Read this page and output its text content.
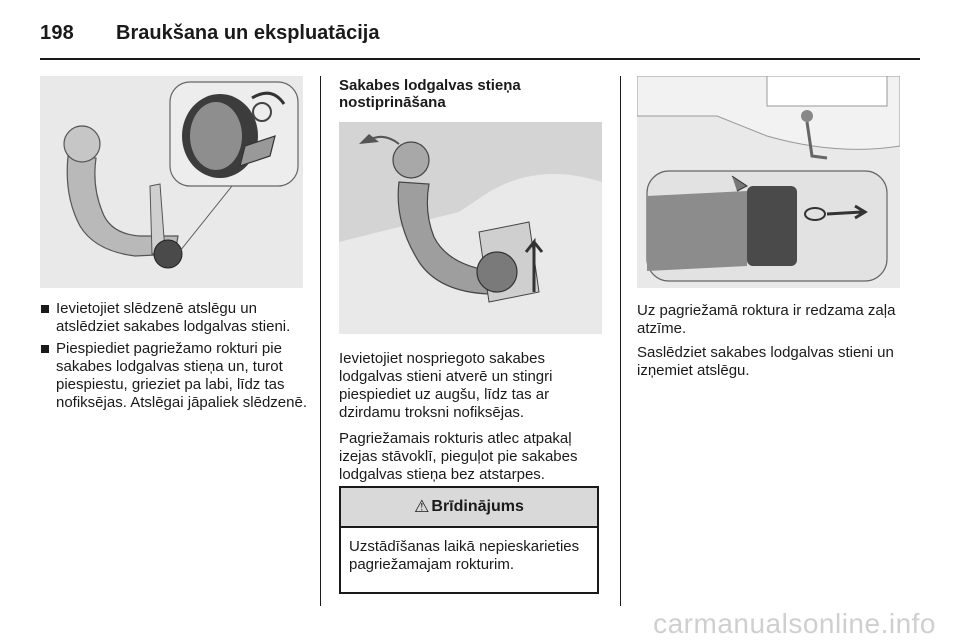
198 Braukšana un ekspluatācija
Ievietojiet slēdzenē atslēgu un atslēdziet sakabes lodgalvas stieni.
Piespiediet pagriežamo rokturi pie sakabes lodgalvas stieņa un, turot piespiestu, grieziet pa labi, līdz tas nofiksējas. Atslēgai jāpaliek slēdzenē.
Sakabes lodgalvas stieņa nostiprināšana

Ievietojiet nospriegoto sakabes lodgalvas stieni atverē un stingri piespiediet uz augšu, līdz tas ar dzirdamu troksni nofiksējas.

Pagriežamais rokturis atlec atpakaļ izejas stāvoklī, pieguļot pie sakabes lodgalvas stieņa bez atstarpes.

⚠ Brīdinājums
Uzstādīšanas laikā nepieskarieties pagriežamajam rokturim.

Uz pagriežamā roktura ir redzama zaļa atzīme.

Saslēdziet sakabes lodgalvas stieni un izņemiet atslēgu.

carmanualsonline.info
